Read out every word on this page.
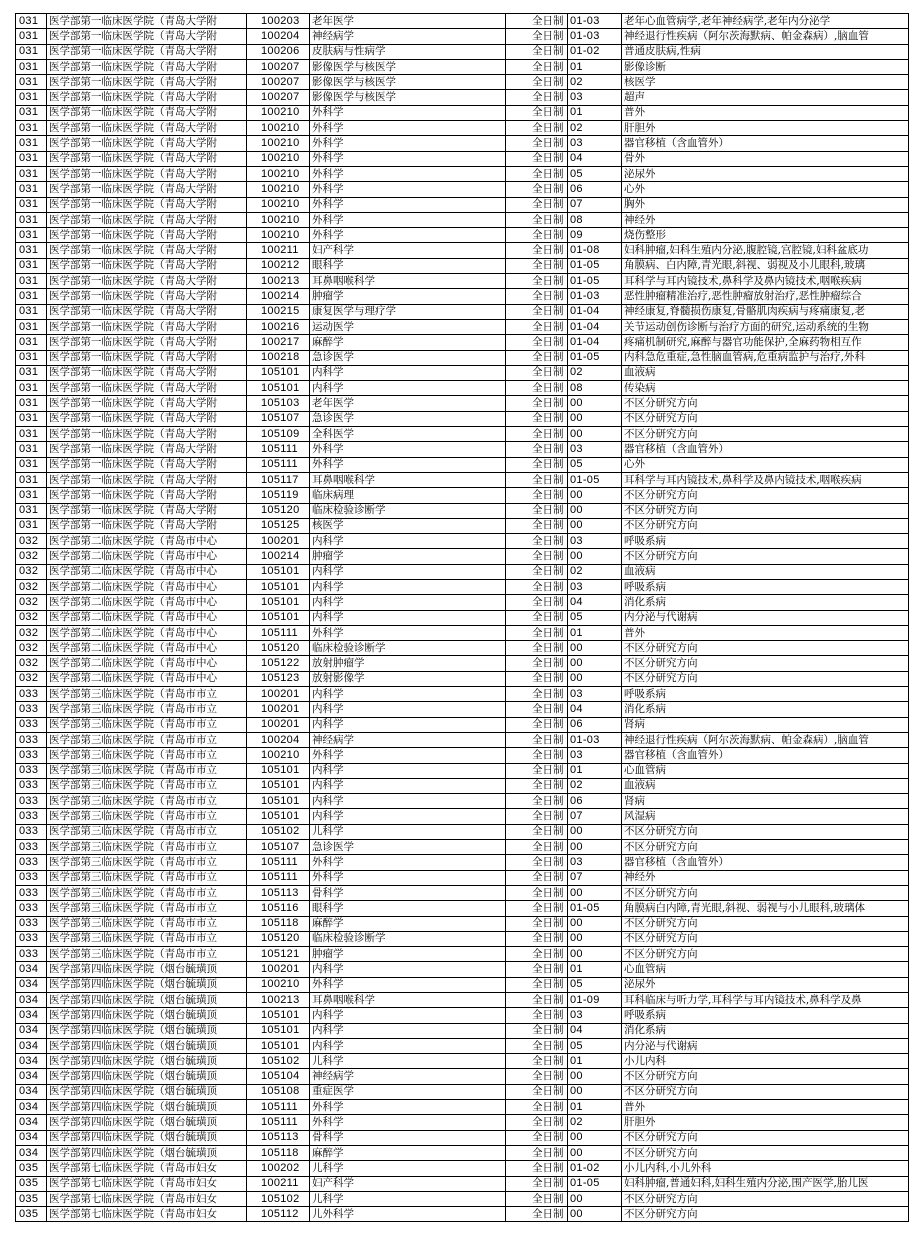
031	医学部第一临床医学院（青岛大学附	100203	老年医学	全日制	01-03	老年心血管病学,老年神经病学,老年内分泌学
031	医学部第一临床医学院（青岛大学附	100204	神经病学	全日制	01-03	神经退行性疾病（阿尔茨海默病、帕金森病）,脑血管
031	医学部第一临床医学院（青岛大学附	100206	皮肤病与性病学	全日制	01-02	普通皮肤病,性病
031	医学部第一临床医学院（青岛大学附	100207	影像医学与核医学	全日制	01	影像诊断
031	医学部第一临床医学院（青岛大学附	100207	影像医学与核医学	全日制	02	核医学
031	医学部第一临床医学院（青岛大学附	100207	影像医学与核医学	全日制	03	超声
031	医学部第一临床医学院（青岛大学附	100210	外科学	全日制	01	普外
031	医学部第一临床医学院（青岛大学附	100210	外科学	全日制	02	肝胆外
031	医学部第一临床医学院（青岛大学附	100210	外科学	全日制	03	器官移植（含血管外）
031	医学部第一临床医学院（青岛大学附	100210	外科学	全日制	04	骨外
031	医学部第一临床医学院（青岛大学附	100210	外科学	全日制	05	泌尿外
031	医学部第一临床医学院（青岛大学附	100210	外科学	全日制	06	心外
031	医学部第一临床医学院（青岛大学附	100210	外科学	全日制	07	胸外
031	医学部第一临床医学院（青岛大学附	100210	外科学	全日制	08	神经外
031	医学部第一临床医学院（青岛大学附	100210	外科学	全日制	09	烧伤整形
031	医学部第一临床医学院（青岛大学附	100211	妇产科学	全日制	01-08	妇科肿瘤,妇科生殖内分泌,腹腔镜,宫腔镜,妇科盆底功
031	医学部第一临床医学院（青岛大学附	100212	眼科学	全日制	01-05	角膜病、白内障,青光眼,斜视、弱视及小儿眼科,玻璃
031	医学部第一临床医学院（青岛大学附	100213	耳鼻咽喉科学	全日制	01-05	耳科学与耳内镜技术,鼻科学及鼻内镜技术,咽喉疾病
031	医学部第一临床医学院（青岛大学附	100214	肿瘤学	全日制	01-03	恶性肿瘤精准治疗,恶性肿瘤放射治疗,恶性肿瘤综合
031	医学部第一临床医学院（青岛大学附	100215	康复医学与理疗学	全日制	01-04	神经康复,脊髓损伤康复,骨骼肌肉疾病与疼痛康复,老
031	医学部第一临床医学院（青岛大学附	100216	运动医学	全日制	01-04	关节运动创伤诊断与治疗方面的研究,运动系统的生物
031	医学部第一临床医学院（青岛大学附	100217	麻醉学	全日制	01-04	疼痛机制研究,麻醉与器官功能保护,全麻药物相互作
031	医学部第一临床医学院（青岛大学附	100218	急诊医学	全日制	01-05	内科急危重症,急性脑血管病,危重病监护与治疗,外科
031	医学部第一临床医学院（青岛大学附	105101	内科学	全日制	02	血液病
031	医学部第一临床医学院（青岛大学附	105101	内科学	全日制	08	传染病
031	医学部第一临床医学院（青岛大学附	105103	老年医学	全日制	00	不区分研究方向
031	医学部第一临床医学院（青岛大学附	105107	急诊医学	全日制	00	不区分研究方向
031	医学部第一临床医学院（青岛大学附	105109	全科医学	全日制	00	不区分研究方向
031	医学部第一临床医学院（青岛大学附	105111	外科学	全日制	03	器官移植（含血管外）
031	医学部第一临床医学院（青岛大学附	105111	外科学	全日制	05	心外
031	医学部第一临床医学院（青岛大学附	105117	耳鼻咽喉科学	全日制	01-05	耳科学与耳内镜技术,鼻科学及鼻内镜技术,咽喉疾病
031	医学部第一临床医学院（青岛大学附	105119	临床病理	全日制	00	不区分研究方向
031	医学部第一临床医学院（青岛大学附	105120	临床检验诊断学	全日制	00	不区分研究方向
031	医学部第一临床医学院（青岛大学附	105125	核医学	全日制	00	不区分研究方向
032	医学部第二临床医学院（青岛市中心	100201	内科学	全日制	03	呼吸系病
032	医学部第二临床医学院（青岛市中心	100214	肿瘤学	全日制	00	不区分研究方向
032	医学部第二临床医学院（青岛市中心	105101	内科学	全日制	02	血液病
032	医学部第二临床医学院（青岛市中心	105101	内科学	全日制	03	呼吸系病
032	医学部第二临床医学院（青岛市中心	105101	内科学	全日制	04	消化系病
032	医学部第二临床医学院（青岛市中心	105101	内科学	全日制	05	内分泌与代谢病
032	医学部第二临床医学院（青岛市中心	105111	外科学	全日制	01	普外
032	医学部第二临床医学院（青岛市中心	105120	临床检验诊断学	全日制	00	不区分研究方向
032	医学部第二临床医学院（青岛市中心	105122	放射肿瘤学	全日制	00	不区分研究方向
032	医学部第二临床医学院（青岛市中心	105123	放射影像学	全日制	00	不区分研究方向
033	医学部第三临床医学院（青岛市市立	100201	内科学	全日制	03	呼吸系病
033	医学部第三临床医学院（青岛市市立	100201	内科学	全日制	04	消化系病
033	医学部第三临床医学院（青岛市市立	100201	内科学	全日制	06	肾病
033	医学部第三临床医学院（青岛市市立	100204	神经病学	全日制	01-03	神经退行性疾病（阿尔茨海默病、帕金森病）,脑血管
033	医学部第三临床医学院（青岛市市立	100210	外科学	全日制	03	器官移植（含血管外）
033	医学部第三临床医学院（青岛市市立	105101	内科学	全日制	01	心血管病
033	医学部第三临床医学院（青岛市市立	105101	内科学	全日制	02	血液病
033	医学部第三临床医学院（青岛市市立	105101	内科学	全日制	06	肾病
033	医学部第三临床医学院（青岛市市立	105101	内科学	全日制	07	风湿病
033	医学部第三临床医学院（青岛市市立	105102	儿科学	全日制	00	不区分研究方向
033	医学部第三临床医学院（青岛市市立	105107	急诊医学	全日制	00	不区分研究方向
033	医学部第三临床医学院（青岛市市立	105111	外科学	全日制	03	器官移植（含血管外）
033	医学部第三临床医学院（青岛市市立	105111	外科学	全日制	07	神经外
033	医学部第三临床医学院（青岛市市立	105113	骨科学	全日制	00	不区分研究方向
033	医学部第三临床医学院（青岛市市立	105116	眼科学	全日制	01-05	角膜病白内障,青光眼,斜视、弱视与小儿眼科,玻璃体
033	医学部第三临床医学院（青岛市市立	105118	麻醉学	全日制	00	不区分研究方向
033	医学部第三临床医学院（青岛市市立	105120	临床检验诊断学	全日制	00	不区分研究方向
033	医学部第三临床医学院（青岛市市立	105121	肿瘤学	全日制	00	不区分研究方向
034	医学部第四临床医学院（烟台毓璜顶	100201	内科学	全日制	01	心血管病
034	医学部第四临床医学院（烟台毓璜顶	100210	外科学	全日制	05	泌尿外
034	医学部第四临床医学院（烟台毓璜顶	100213	耳鼻咽喉科学	全日制	01-09	耳科临床与听力学,耳科学与耳内镜技术,鼻科学及鼻
034	医学部第四临床医学院（烟台毓璜顶	105101	内科学	全日制	03	呼吸系病
034	医学部第四临床医学院（烟台毓璜顶	105101	内科学	全日制	04	消化系病
034	医学部第四临床医学院（烟台毓璜顶	105101	内科学	全日制	05	内分泌与代谢病
034	医学部第四临床医学院（烟台毓璜顶	105102	儿科学	全日制	01	小儿内科
034	医学部第四临床医学院（烟台毓璜顶	105104	神经病学	全日制	00	不区分研究方向
034	医学部第四临床医学院（烟台毓璜顶	105108	重症医学	全日制	00	不区分研究方向
034	医学部第四临床医学院（烟台毓璜顶	105111	外科学	全日制	01	普外
034	医学部第四临床医学院（烟台毓璜顶	105111	外科学	全日制	02	肝胆外
034	医学部第四临床医学院（烟台毓璜顶	105113	骨科学	全日制	00	不区分研究方向
034	医学部第四临床医学院（烟台毓璜顶	105118	麻醉学	全日制	00	不区分研究方向
035	医学部第七临床医学院（青岛市妇女	100202	儿科学	全日制	01-02	小儿内科,小儿外科
035	医学部第七临床医学院（青岛市妇女	100211	妇产科学	全日制	01-05	妇科肿瘤,普通妇科,妇科生殖内分泌,围产医学,胎儿医
035	医学部第七临床医学院（青岛市妇女	105102	儿科学	全日制	00	不区分研究方向
035	医学部第七临床医学院（青岛市妇女	105112	儿外科学	全日制	00	不区分研究方向
